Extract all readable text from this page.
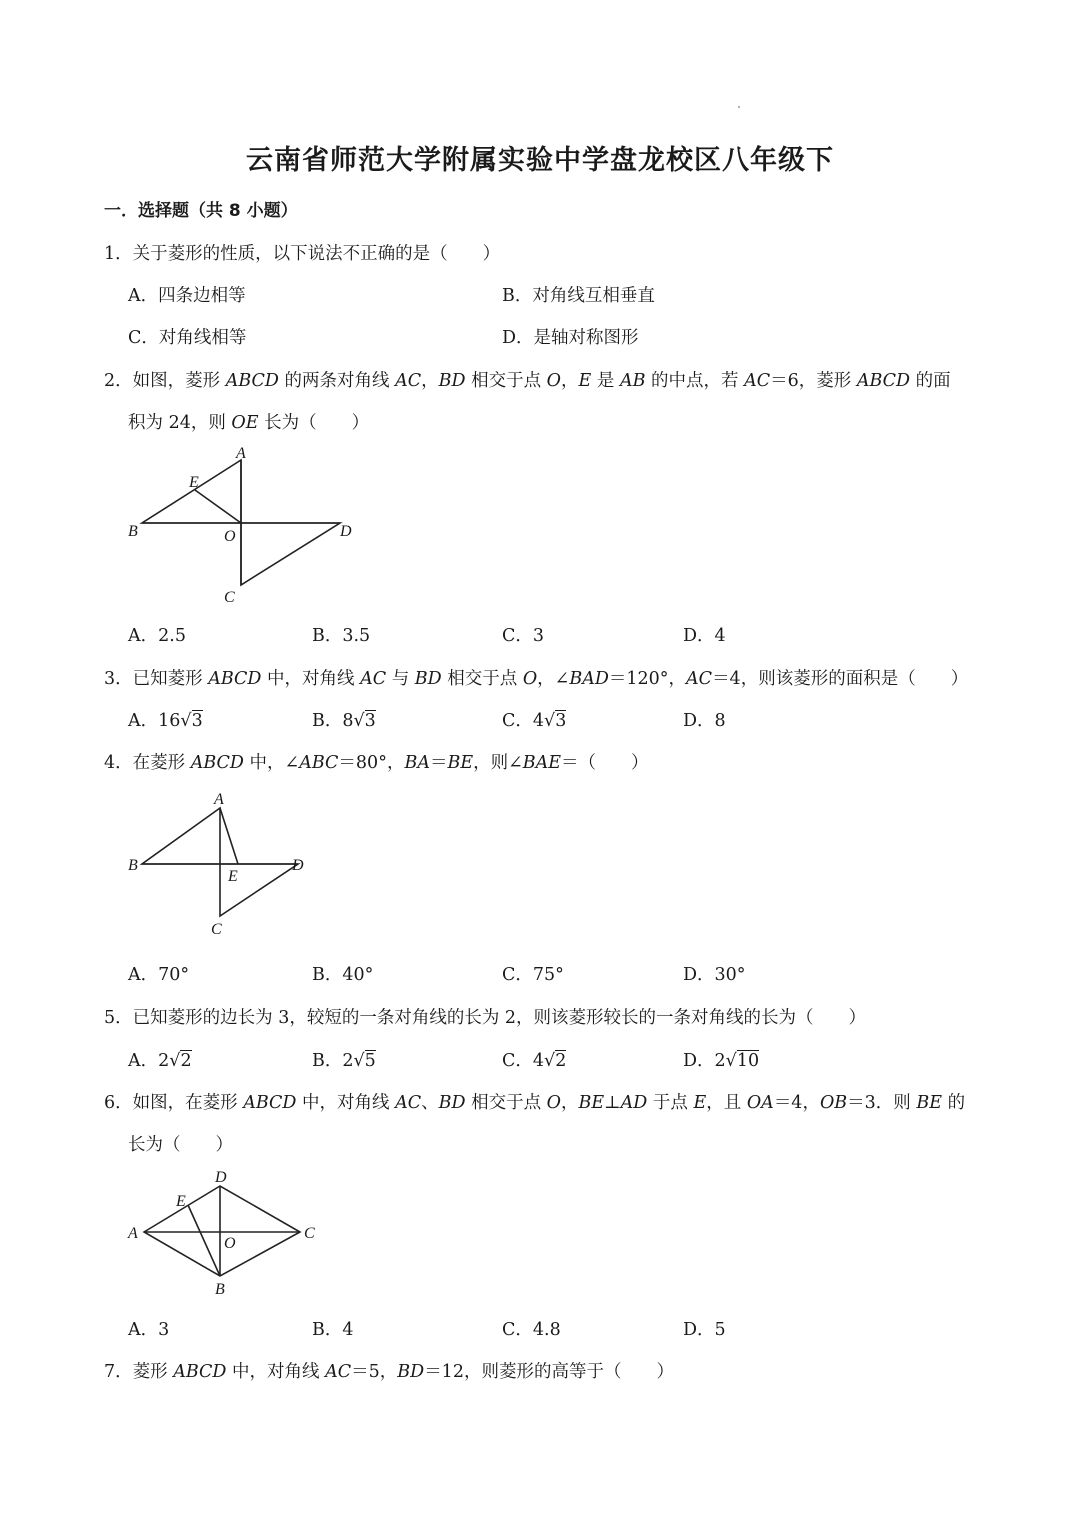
云南省师范大学附属实验中学盘龙校区八年级下
一．选择题（共 8 小题）
1．关于菱形的性质，以下说法不正确的是（　　）
A．四条边相等	B．对角线互相垂直
C．对角线相等	D．是轴对称图形
2．如图，菱形 ABCD 的两条对角线 AC，BD 相交于点 O，E 是 AB 的中点，若 AC＝6，菱形 ABCD 的面
积为 24，则 OE 长为（　　）
A
B
C
D
E
O
A．2.5	B．3.5	C．3	D．4
3．已知菱形 ABCD 中，对角线 AC 与 BD 相交于点 O，∠BAD＝120°，AC＝4，则该菱形的面积是（　　）
A．16√3	B．8√3	C．4√3	D．8
4．在菱形 ABCD 中，∠ABC＝80°，BA＝BE，则∠BAE＝（　　）
A
B
C
D
E
A．70°	B．40°	C．75°	D．30°
5．已知菱形的边长为 3，较短的一条对角线的长为 2，则该菱形较长的一条对角线的长为（　　）
A．2√2	B．2√5	C．4√2	D．2√10
6．如图，在菱形 ABCD 中，对角线 AC、BD 相交于点 O，BE⊥AD 于点 E，且 OA＝4，OB＝3．则 BE 的
长为（　　）
D
A	C
B
E
O
A．3	B．4	C．4.8	D．5
7．菱形 ABCD 中，对角线 AC＝5，BD＝12，则菱形的高等于（　　）
